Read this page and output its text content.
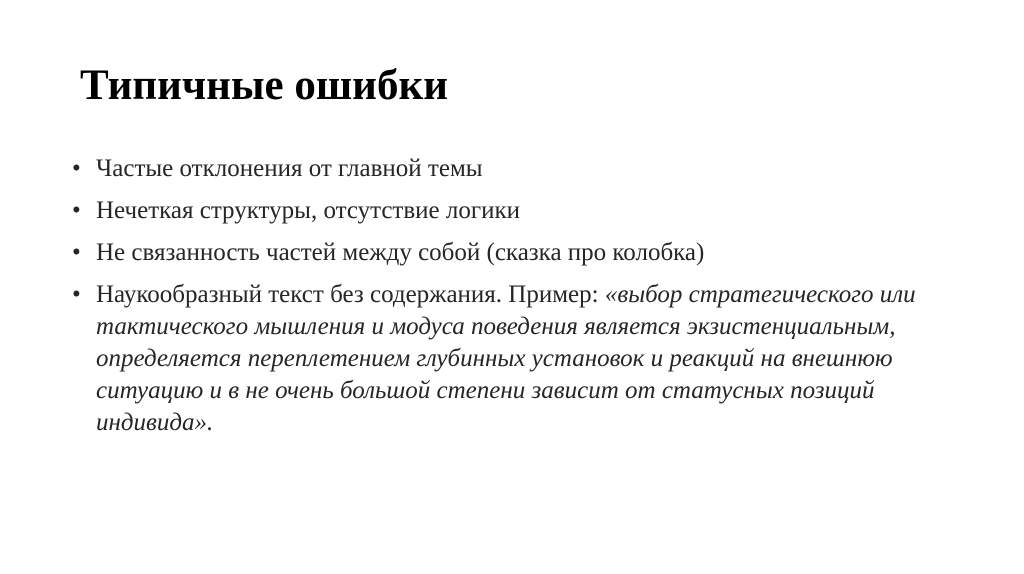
Типичные ошибки
• Частые отклонения от главной темы
• Нечеткая структуры, отсутствие логики
• Не связанность частей между собой (сказка про колобка)
• Наукообразный текст без содержания. Пример: «выбор стратегического или тактического мышления и модуса поведения является экзистенциальным, определяется переплетением глубинных установок и реакций на внешнюю ситуацию и в не очень большой степени зависит от статусных позиций индивида».
